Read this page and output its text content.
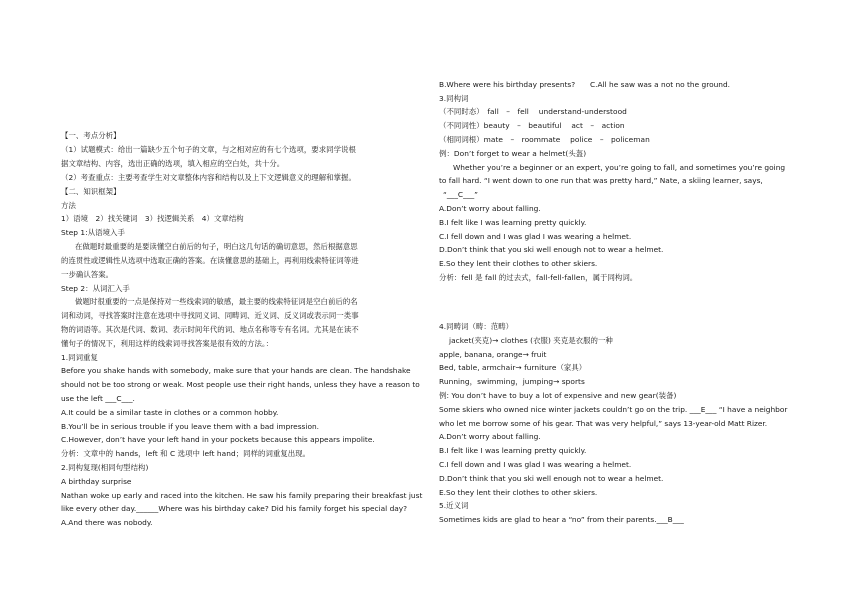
【一、考点分析】
（1）试题模式：给出一篇缺少五个句子的文章，与之相对应的有七个选项，要求同学说根
据文章结构、内容，选出正确的选项，填入相应的空白处，共十分。
（2）考查重点：主要考查学生对文章整体内容和结构以及上下文逻辑意义的理解和掌握。
【二、知识框架】
方法
1）语境　2）找关键词　3）找逻辑关系　4）文章结构
Step 1:从语境入手
在做题时最重要的是要读懂空白前后的句子，明白这几句话的确切意思，然后根据意思
的连贯性或逻辑性从选项中选取正确的答案。在读懂意思的基础上，再利用线索特征词等进
一步确认答案。
Step 2：从词汇入手
做题时很重要的一点是保持对一些线索词的敏感，最主要的线索特征词是空白前后的名
词和动词，寻找答案时注意在选项中寻找同义词、同畴词、近义词、反义词或表示同一类事
物的词语等。其次是代词、数词、表示时间年代的词、地点名称等专有名词。尤其是在读不
懂句子的情况下，利用这样的线索词寻找答案是很有效的方法。：
1.同词重复
Before you shake hands with somebody, make sure that your hands are clean. The handshake
should not be too strong or weak. Most people use their right hands, unless they have a reason to
use the left ___C___.
A.It could be a similar taste in clothes or a common hobby.
B.You’ll be in serious trouble if you leave them with a bad impression.
C.However, don’t have your left hand in your pockets because this appears impolite.
分析：文章中的 hands，left 和 C 选项中 left hand；同样的词重复出现。
2.同构复现(相同句型结构)
A birthday surprise
Nathan woke up early and raced into the kitchen. He saw his family preparing their breakfast just
like every other day.______Where was his birthday cake? Did his family forget his special day?
A.And there was nobody.
B.Where were his birthday presents?　　C.All he saw was a not no the ground.
3.同构词
（不同时态）　fall　–　fell　 understand-understood
（不同词性）beauty　–　beautiful　 act　–　action
（相同词根）mate　–　roommate　 police　–　policeman
例：Don’t forget to wear a helmet(头盔)
Whether you’re a beginner or an expert, you’re going to fall, and sometimes you’re going
to fall hard. “I went down to one run that was pretty hard,” Nate, a skiing learner, says,
“___C___”
A.Don’t worry about falling.
B.I felt like I was learning pretty quickly.
C.I fell down and I was glad I was wearing a helmet.
D.Don’t think that you ski well enough not to wear a helmet.
E.So they lent their clothes to other skiers.
分析：fell 是 fall 的过去式，fall-fell-fallen，属于同构词。
4.同畴词（畴：范畴）
jacket(夹克)→ clothes (衣服) 夹克是衣服的一种
apple, banana, orange→ fruit
Bed, table, armchair→ furniture（家具）
Running，swimming，jumping→ sports
例: You don’t have to buy a lot of expensive and new gear(装备)
Some skiers who owned nice winter jackets couldn’t go on the trip. ___E___ “I have a neighbor
who let me borrow some of his gear. That was very helpful,” says 13-year-old Matt Rizer.
A.Don’t worry about falling.
B.I felt like I was learning pretty quickly.
C.I fell down and I was glad I was wearing a helmet.
D.Don’t think that you ski well enough not to wear a helmet.
E.So they lent their clothes to other skiers.
5.近义词
Sometimes kids are glad to hear a “no” from their parents.___B___
